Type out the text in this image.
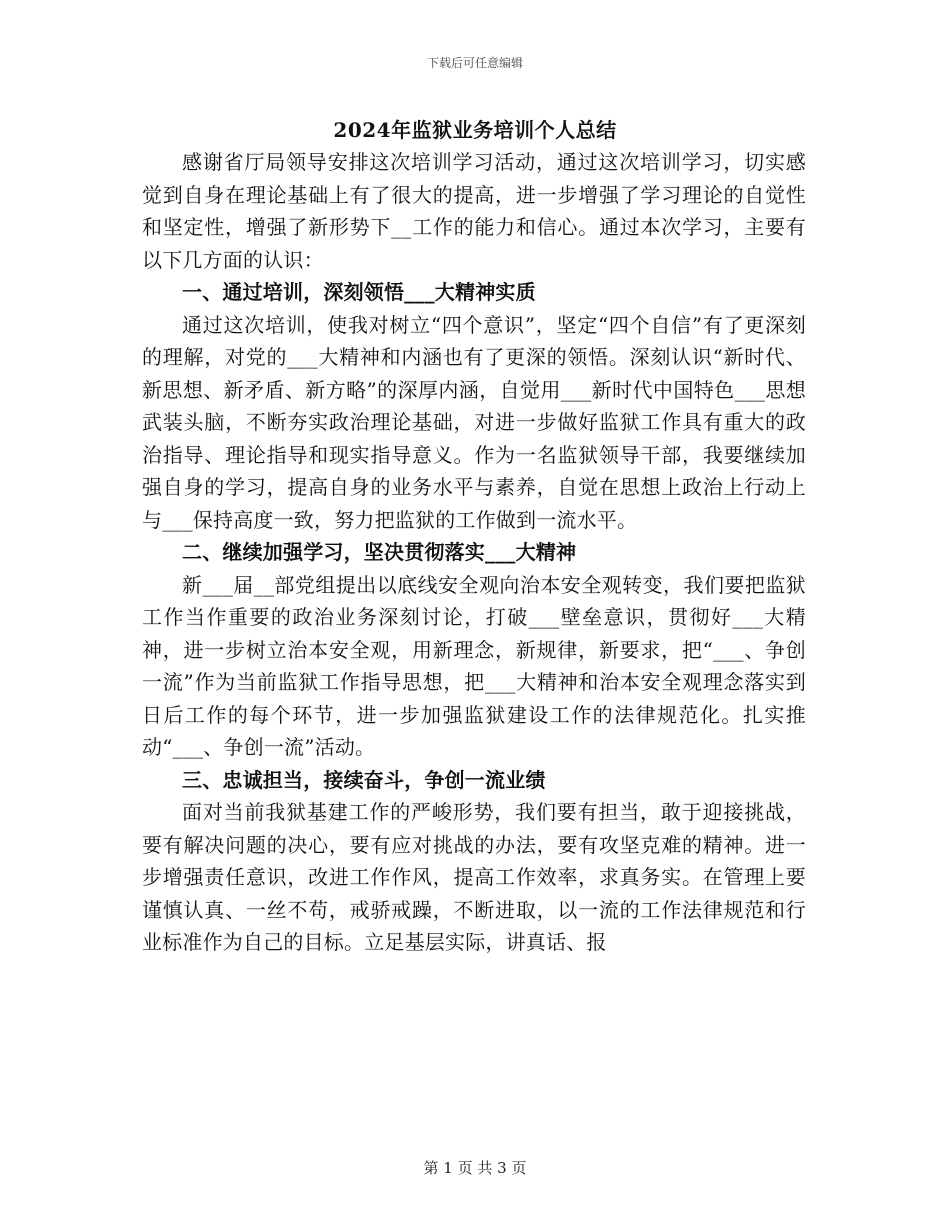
下载后可任意编辑
2024年监狱业务培训个人总结

感谢省厅局领导安排这次培训学习活动，通过这次培训学习，切实感觉到自身在理论基础上有了很大的提高，进一步增强了学习理论的自觉性和坚定性，增强了新形势下__工作的能力和信心。通过本次学习，主要有以下几方面的认识：

一、通过培训，深刻领悟___大精神实质

通过这次培训，使我对树立“四个意识”，坚定“四个自信”有了更深刻的理解，对党的___大精神和内涵也有了更深的领悟。深刻认识“新时代、新思想、新矛盾、新方略”的深厚内涵，自觉用___新时代中国特色___思想武装头脑，不断夯实政治理论基础，对进一步做好监狱工作具有重大的政治指导、理论指导和现实指导意义。作为一名监狱领导干部，我要继续加强自身的学习，提高自身的业务水平与素养，自觉在思想上政治上行动上与___保持高度一致，努力把监狱的工作做到一流水平。

二、继续加强学习，坚决贯彻落实___大精神

新___届__部党组提出以底线安全观向治本安全观转变，我们要把监狱工作当作重要的政治业务深刻讨论，打破___壁垒意识，贯彻好___大精神，进一步树立治本安全观，用新理念，新规律，新要求，把“___、争创一流”作为当前监狱工作指导思想，把___大精神和治本安全观理念落实到日后工作的每个环节，进一步加强监狱建设工作的法律规范化。扎实推动“___、争创一流”活动。

三、忠诚担当，接续奋斗，争创一流业绩

面对当前我狱基建工作的严峻形势，我们要有担当，敢于迎接挑战，要有解决问题的决心，要有应对挑战的办法，要有攻坚克难的精神。进一步增强责任意识，改进工作作风，提高工作效率，求真务实。在管理上要谨慎认真、一丝不苟，戒骄戒躁，不断进取，以一流的工作法律规范和行业标准作为自己的目标。立足基层实际，讲真话、报

第 1 页 共 3 页
